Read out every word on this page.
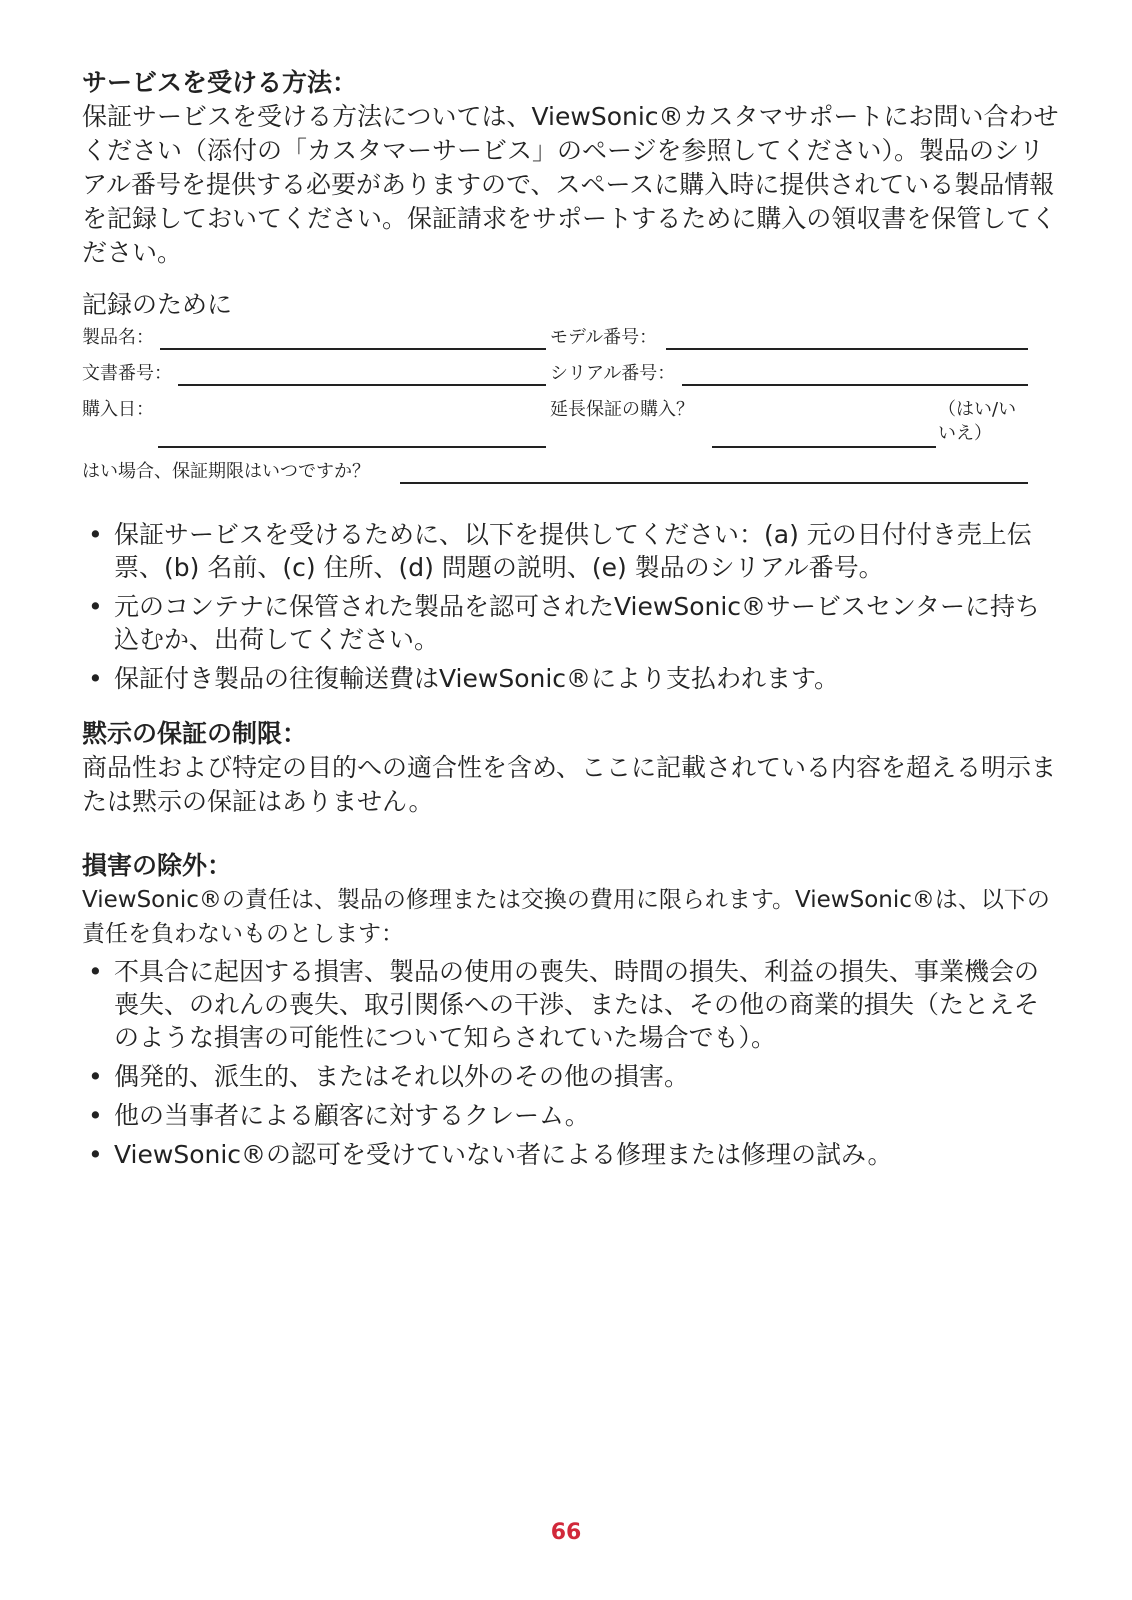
サービスを受ける方法：

保証サービスを受ける方法については、ViewSonic®カスタマサポートにお問い合わせください（添付の「カスタマーサービス」のページを参照してください）。製品のシリアル番号を提供する必要がありますので、スペースに購入時に提供されている製品情報を記録しておいてください。保証請求をサポートするために購入の領収書を保管してください。

記録のために
製品名：	モデル番号：
文書番号：	シリアル番号：
購入日：	延長保証の購入？	（はい/いいえ）
はい場合、保証期限はいつですか？
• 保証サービスを受けるために、以下を提供してください：(a) 元の日付付き売上伝票、(b) 名前、(c) 住所、(d) 問題の説明、(e) 製品のシリアル番号。
• 元のコンテナに保管された製品を認可されたViewSonic®サービスセンターに持ち込むか、出荷してください。
• 保証付き製品の往復輸送費はViewSonic®により支払われます。
黙示の保証の制限：

商品性および特定の目的への適合性を含め、ここに記載されている内容を超える明示または黙示の保証はありません。

損害の除外：

ViewSonic®の責任は、製品の修理または交換の費用に限られます。ViewSonic®は、以下の責任を負わないものとします：

• 不具合に起因する損害、製品の使用の喪失、時間の損失、利益の損失、事業機会の喪失、のれんの喪失、取引関係への干渉、または、その他の商業的損失（たとえそのような損害の可能性について知らされていた場合でも）。
• 偶発的、派生的、またはそれ以外のその他の損害。
• 他の当事者による顧客に対するクレーム。
• ViewSonic®の認可を受けていない者による修理または修理の試み。
66
